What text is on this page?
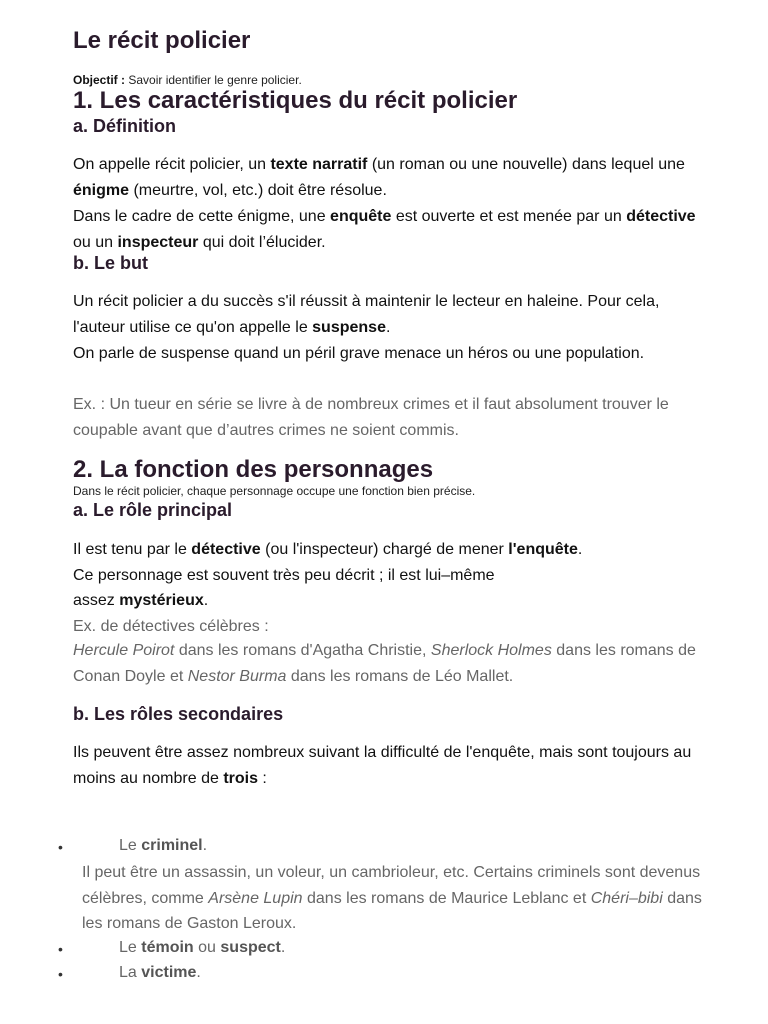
Le récit policier
Objectif : Savoir identifier le genre policier.
1. Les caractéristiques du récit policier
a. Définition
On appelle récit policier, un texte narratif (un roman ou une nouvelle) dans lequel une énigme (meurtre, vol, etc.) doit être résolue.
Dans le cadre de cette énigme, une enquête est ouverte et est menée par un détective ou un inspecteur qui doit l’élucider.
b. Le but
Un récit policier a du succès s'il réussit à maintenir le lecteur en haleine. Pour cela, l'auteur utilise ce qu'on appelle le suspense.
On parle de suspense quand un péril grave menace un héros ou une population.
Ex. : Un tueur en série se livre à de nombreux crimes et il faut absolument trouver le coupable avant que d’autres crimes ne soient commis.
2. La fonction des personnages
Dans le récit policier, chaque personnage occupe une fonction bien précise.
a. Le rôle principal
Il est tenu par le détective (ou l'inspecteur) chargé de mener l'enquête.
Ce personnage est souvent très peu décrit ; il est lui–même
assez mystérieux.
Ex. de détectives célèbres :
Hercule Poirot dans les romans d'Agatha Christie, Sherlock Holmes dans les romans de Conan Doyle et Nestor Burma dans les romans de Léo Mallet.
b. Les rôles secondaires
Ils peuvent être assez nombreux suivant la difficulté de l'enquête, mais sont toujours au moins au nombre de trois :
•	Le criminel.
Il peut être un assassin, un voleur, un cambrioleur, etc. Certains criminels sont devenus célèbres, comme Arsène Lupin dans les romans de Maurice Leblanc et Chéri–bibi dans les romans de Gaston Leroux.
•	Le témoin ou suspect.
•	La victime.
